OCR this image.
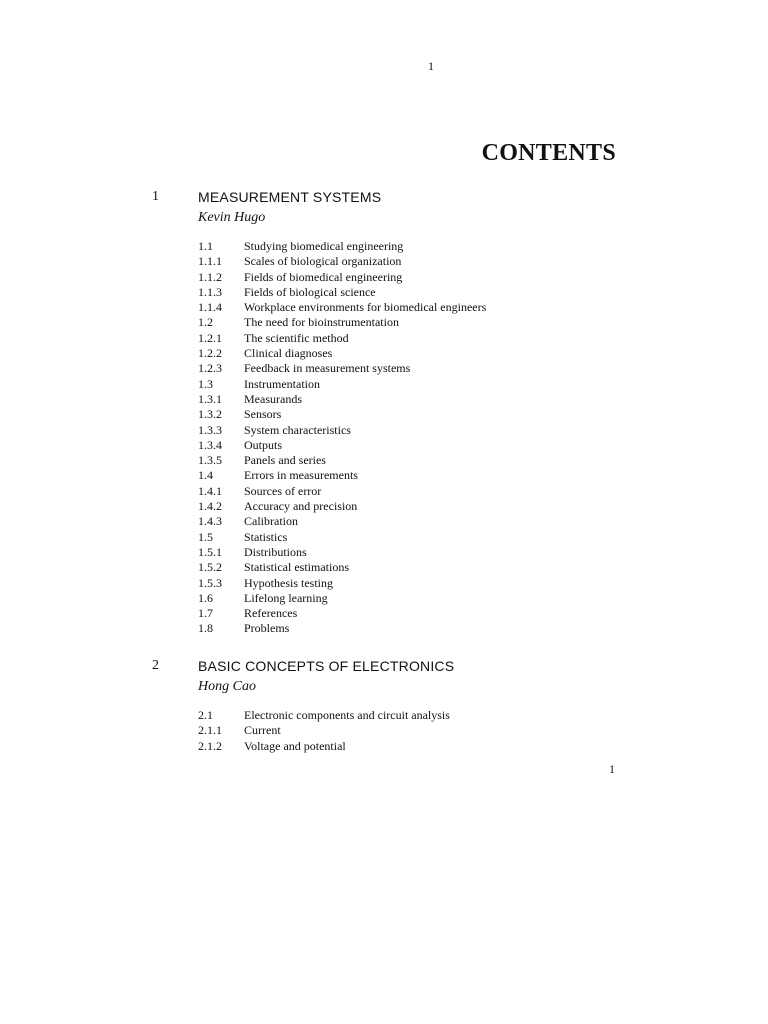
1
CONTENTS
1	MEASUREMENT SYSTEMS
Kevin Hugo
1.1	Studying biomedical engineering
1.1.1 Scales of biological organization
1.1.2 Fields of biomedical engineering
1.1.3 Fields of biological science
1.1.4 Workplace environments for biomedical engineers
1.2	The need for bioinstrumentation
1.2.1 The scientific method
1.2.2 Clinical diagnoses
1.2.3 Feedback in measurement systems
1.3	Instrumentation
1.3.1 Measurands
1.3.2 Sensors
1.3.3 System characteristics
1.3.4 Outputs
1.3.5 Panels and series
1.4	Errors in measurements
1.4.1 Sources of error
1.4.2 Accuracy and precision
1.4.3 Calibration
1.5	Statistics
1.5.1 Distributions
1.5.2 Statistical estimations
1.5.3 Hypothesis testing
1.6	Lifelong learning
1.7	References
1.8	Problems
2	BASIC CONCEPTS OF ELECTRONICS
Hong Cao
2.1	Electronic components and circuit analysis
2.1.1 Current
2.1.2 Voltage and potential
1
